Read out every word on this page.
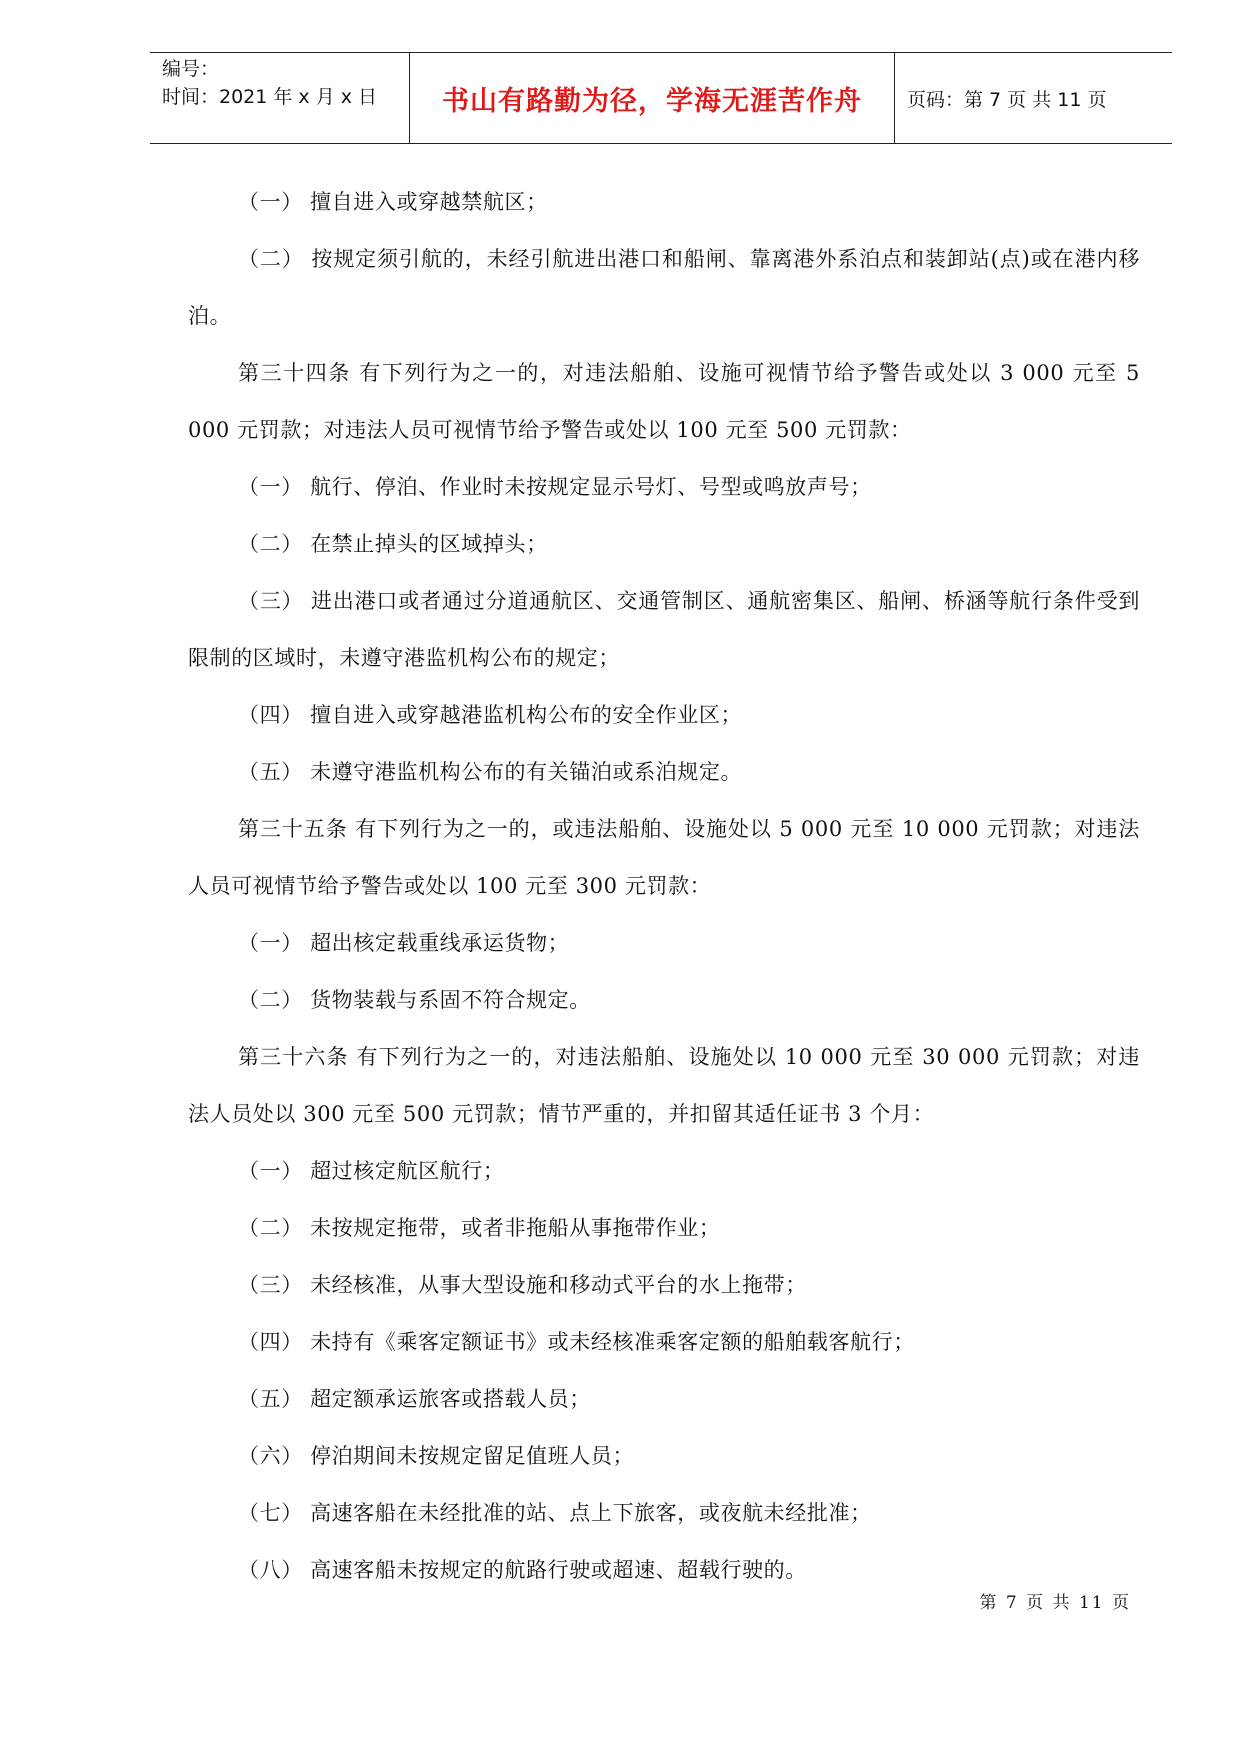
编号：
时间：2021 年 x 月 x 日	书山有路勤为径，学海无涯苦作舟	页码：第 7 页 共 11 页

（一） 擅自进入或穿越禁航区；

（二） 按规定须引航的，未经引航进出港口和船闸、靠离港外系泊点和装卸站(点)或在港内移泊。

第三十四条 有下列行为之一的，对违法船舶、设施可视情节给予警告或处以 3 000 元至 5 000 元罚款；对违法人员可视情节给予警告或处以 100 元至 500 元罚款：

（一） 航行、停泊、作业时未按规定显示号灯、号型或鸣放声号；

（二） 在禁止掉头的区域掉头；

（三） 进出港口或者通过分道通航区、交通管制区、通航密集区、船闸、桥涵等航行条件受到限制的区域时，未遵守港监机构公布的规定；

（四） 擅自进入或穿越港监机构公布的安全作业区；

（五） 未遵守港监机构公布的有关锚泊或系泊规定。

第三十五条 有下列行为之一的，或违法船舶、设施处以 5 000 元至 10 000 元罚款；对违法人员可视情节给予警告或处以 100 元至 300 元罚款：

（一） 超出核定载重线承运货物；

（二） 货物装载与系固不符合规定。

第三十六条 有下列行为之一的，对违法船舶、设施处以 10 000 元至 30 000 元罚款；对违法人员处以 300 元至 500 元罚款；情节严重的，并扣留其适任证书 3 个月：

（一） 超过核定航区航行；

（二） 未按规定拖带，或者非拖船从事拖带作业；

（三） 未经核准，从事大型设施和移动式平台的水上拖带；

（四） 未持有《乘客定额证书》或未经核准乘客定额的船舶载客航行；

（五） 超定额承运旅客或搭载人员；

（六） 停泊期间未按规定留足值班人员；

（七） 高速客船在未经批准的站、点上下旅客，或夜航未经批准；

（八） 高速客船未按规定的航路行驶或超速、超载行驶的。

第 7 页 共 11 页
